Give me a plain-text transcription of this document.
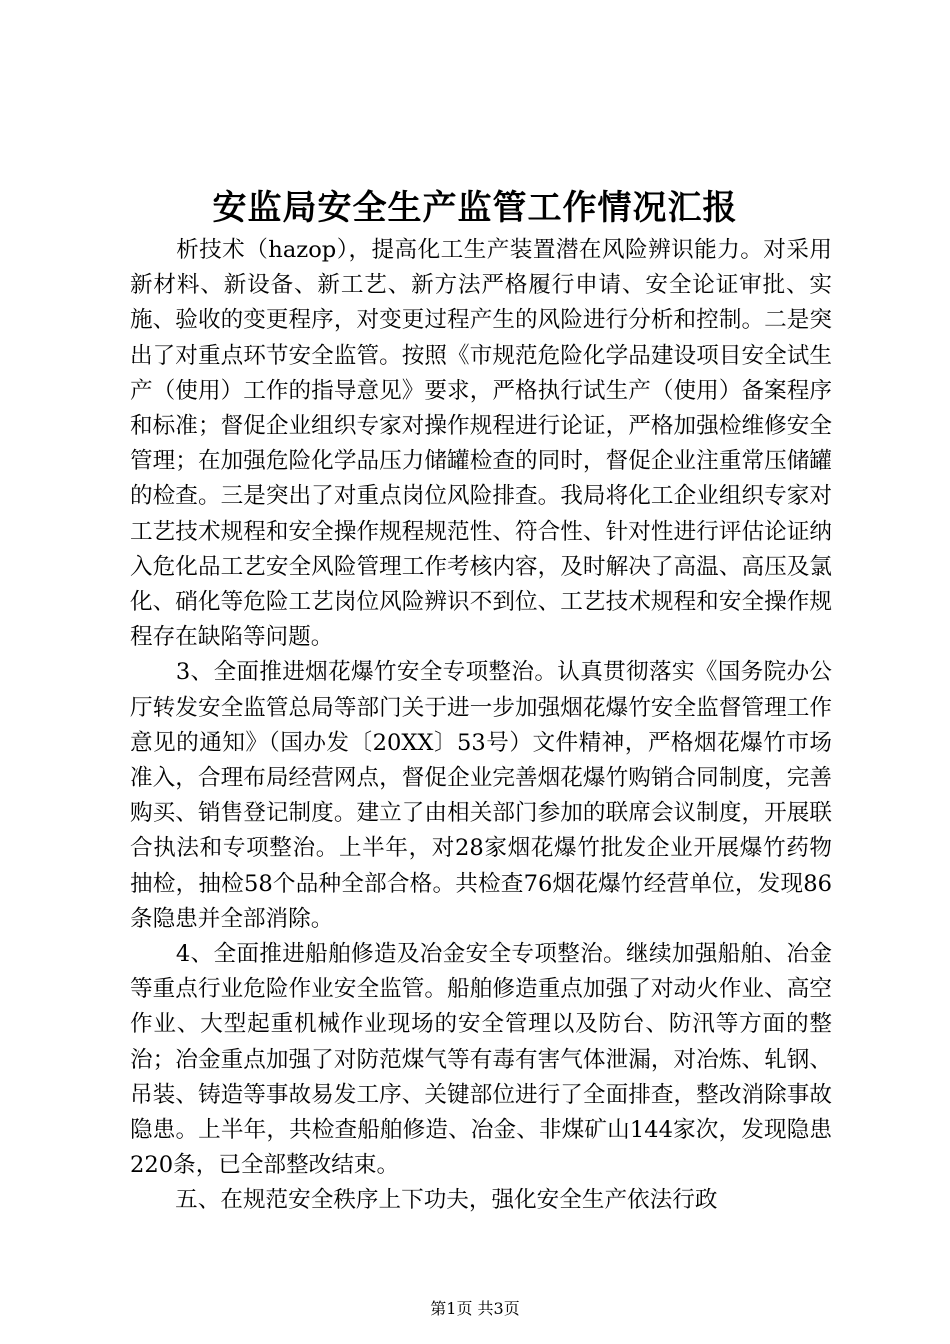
安监局安全生产监管工作情况汇报

　　析技术（hazop），提高化工生产装置潜在风险辨识能力。对采用新材料、新设备、新工艺、新方法严格履行申请、安全论证审批、实施、验收的变更程序，对变更过程产生的风险进行分析和控制。二是突出了对重点环节安全监管。按照《市规范危险化学品建设项目安全试生产（使用）工作的指导意见》要求，严格执行试生产（使用）备案程序和标准；督促企业组织专家对操作规程进行论证，严格加强检维修安全管理；在加强危险化学品压力储罐检查的同时，督促企业注重常压储罐的检查。三是突出了对重点岗位风险排查。我局将化工企业组织专家对工艺技术规程和安全操作规程规范性、符合性、针对性进行评估论证纳入危化品工艺安全风险管理工作考核内容，及时解决了高温、高压及氯化、硝化等危险工艺岗位风险辨识不到位、工艺技术规程和安全操作规程存在缺陷等问题。

　　3、全面推进烟花爆竹安全专项整治。认真贯彻落实《国务院办公厅转发安全监管总局等部门关于进一步加强烟花爆竹安全监督管理工作意见的通知》（国办发〔20XX〕53号）文件精神，严格烟花爆竹市场准入，合理布局经营网点，督促企业完善烟花爆竹购销合同制度，完善购买、销售登记制度。建立了由相关部门参加的联席会议制度，开展联合执法和专项整治。上半年，对28家烟花爆竹批发企业开展爆竹药物抽检，抽检58个品种全部合格。共检查76烟花爆竹经营单位，发现86条隐患并全部消除。

　　4、全面推进船舶修造及冶金安全专项整治。继续加强船舶、冶金等重点行业危险作业安全监管。船舶修造重点加强了对动火作业、高空作业、大型起重机械作业现场的安全管理以及防台、防汛等方面的整治；冶金重点加强了对防范煤气等有毒有害气体泄漏，对冶炼、轧钢、吊装、铸造等事故易发工序、关键部位进行了全面排查，整改消除事故隐患。上半年，共检查船舶修造、冶金、非煤矿山144家次，发现隐患220条，已全部整改结束。

　　五、在规范安全秩序上下功夫，强化安全生产依法行政

第1页 共3页
